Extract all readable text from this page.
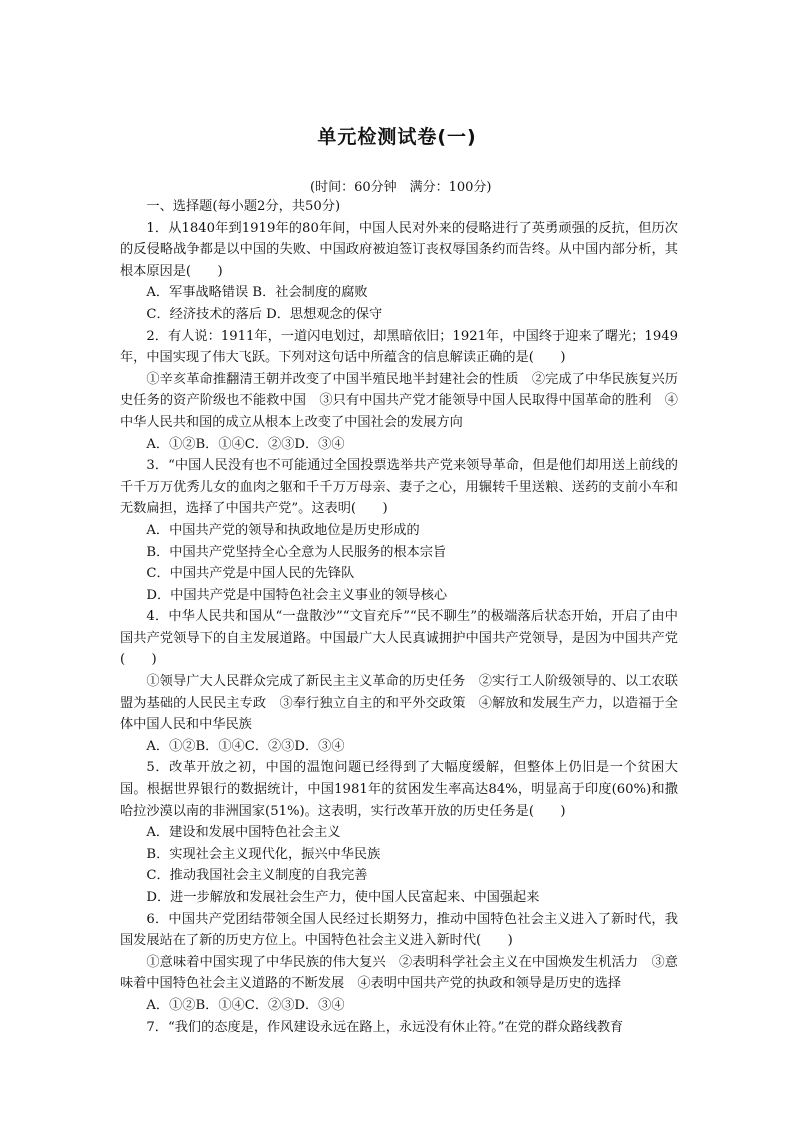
单元检测试卷(一)
(时间：60分钟　满分：100分)

一、选择题(每小题2分，共50分)

1．从1840年到1919年的80年间，中国人民对外来的侵略进行了英勇顽强的反抗，但历次的反侵略战争都是以中国的失败、中国政府被迫签订丧权辱国条约而告终。从中国内部分析，其根本原因是(　　)

A．军事战略错误 B．社会制度的腐败

C．经济技术的落后 D．思想观念的保守

2．有人说：1911年，一道闪电划过，却黑暗依旧；1921年，中国终于迎来了曙光；1949年，中国实现了伟大飞跃。下列对这句话中所蕴含的信息解读正确的是(　　)

①辛亥革命推翻清王朝并改变了中国半殖民地半封建社会的性质　②完成了中华民族复兴历史任务的资产阶级也不能救中国　③只有中国共产党才能领导中国人民取得中国革命的胜利　④中华人民共和国的成立从根本上改变了中国社会的发展方向

A．①②B．①④C．②③D．③④

3．“中国人民没有也不可能通过全国投票选举共产党来领导革命，但是他们却用送上前线的千千万万优秀儿女的血肉之躯和千千万万母亲、妻子之心，用辗转千里送粮、送药的支前小车和无数扁担，选择了中国共产党”。这表明(　　)

A．中国共产党的领导和执政地位是历史形成的

B．中国共产党坚持全心全意为人民服务的根本宗旨

C．中国共产党是中国人民的先锋队

D．中国共产党是中国特色社会主义事业的领导核心

4．中华人民共和国从“一盘散沙”“文盲充斥”“民不聊生”的极端落后状态开始，开启了由中国共产党领导下的自主发展道路。中国最广大人民真诚拥护中国共产党领导，是因为中国共产党(　　)

①领导广大人民群众完成了新民主主义革命的历史任务　②实行工人阶级领导的、以工农联盟为基础的人民民主专政　③奉行独立自主的和平外交政策　④解放和发展生产力，以造福于全体中国人民和中华民族

A．①②B．①④C．②③D．③④

5．改革开放之初，中国的温饱问题已经得到了大幅度缓解，但整体上仍旧是一个贫困大国。根据世界银行的数据统计，中国1981年的贫困发生率高达84%，明显高于印度(60%)和撒哈拉沙漠以南的非洲国家(51%)。这表明，实行改革开放的历史任务是(　　)

A．建设和发展中国特色社会主义

B．实现社会主义现代化，振兴中华民族

C．推动我国社会主义制度的自我完善

D．进一步解放和发展社会生产力，使中国人民富起来、中国强起来

6．中国共产党团结带领全国人民经过长期努力，推动中国特色社会主义进入了新时代，我国发展站在了新的历史方位上。中国特色社会主义进入新时代(　　)

①意味着中国实现了中华民族的伟大复兴　②表明科学社会主义在中国焕发生机活力　③意味着中国特色社会主义道路的不断发展　④表明中国共产党的执政和领导是历史的选择

A．①②B．①④C．②③D．③④

7．“我们的态度是，作风建设永远在路上，永远没有休止符。”在党的群众路线教育
